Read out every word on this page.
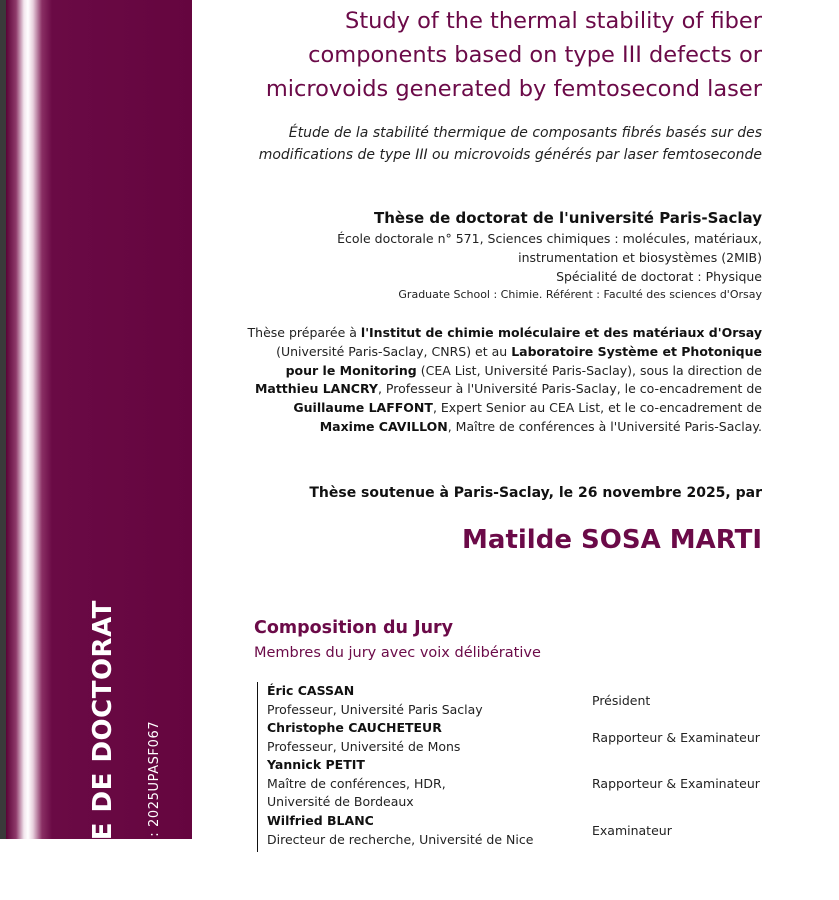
HESE DE DOCTORAT T : 2025UPASF067
Study of the thermal stability of fiber
components based on type III defects or
microvoids generated by femtosecond laser
Étude de la stabilité thermique de composants fibrés basés sur des
modifications de type III ou microvoids générés par laser femtoseconde
Thèse de doctorat de l'université Paris-Saclay
École doctorale n° 571, Sciences chimiques : molécules, matériaux,
instrumentation et biosystèmes (2MIB)
Spécialité de doctorat : Physique
Graduate School : Chimie. Référent : Faculté des sciences d'Orsay
Thèse préparée à l'Institut de chimie moléculaire et des matériaux d'Orsay
(Université Paris-Saclay, CNRS) et au Laboratoire Système et Photonique pour le Monitoring (CEA List, Université Paris-Saclay), sous la direction de Matthieu LANCRY, Professeur à l'Université Paris-Saclay, le co-encadrement de Guillaume LAFFONT, Expert Senior au CEA List, et le co-encadrement de Maxime CAVILLON, Maître de conférences à l'Université Paris-Saclay.
Thèse soutenue à Paris-Saclay, le 26 novembre 2025, par
Matilde SOSA MARTI
Composition du Jury
Membres du jury avec voix délibérative
Éric CASSAN
Professeur, Université Paris Saclay
Président
Christophe CAUCHETEUR
Professeur, Université de Mons
Rapporteur & Examinateur
Yannick PETIT
Maître de conférences, HDR,
Université de Bordeaux
Rapporteur & Examinateur
Wilfried BLANC
Directeur de recherche, Université de Nice
Examinateur
